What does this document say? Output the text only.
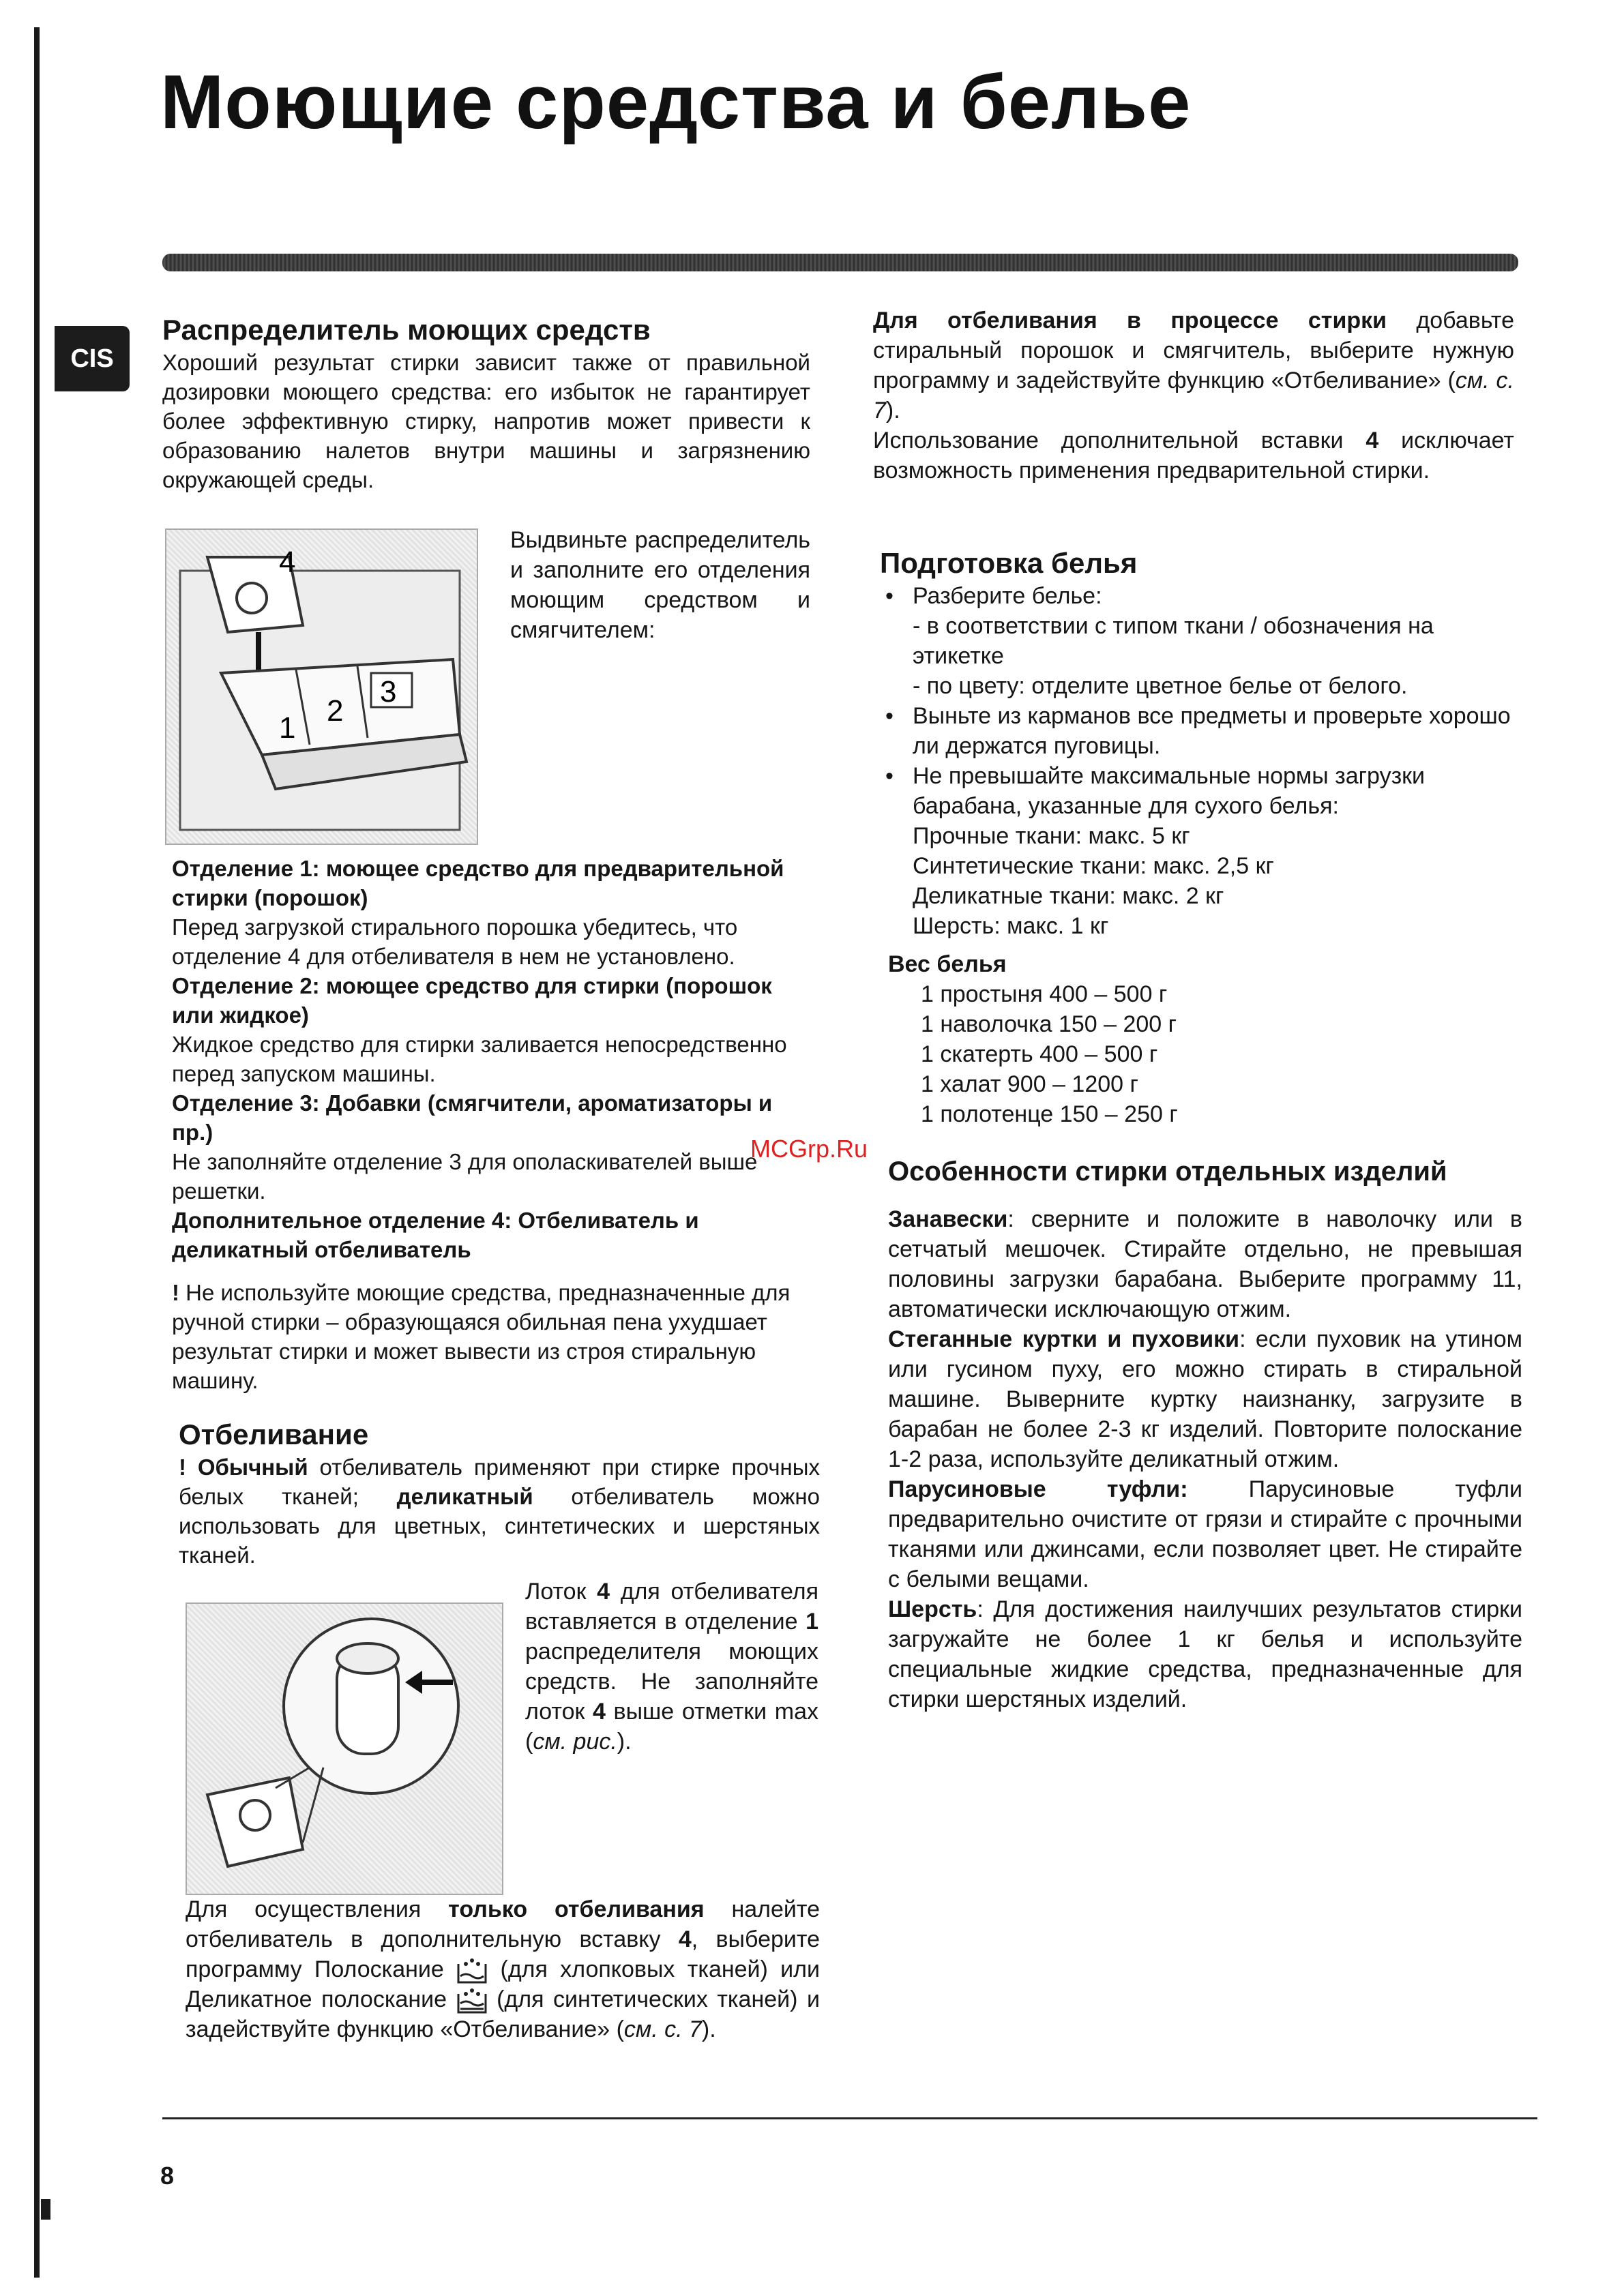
Моющие средства и белье
CIS
Распределитель моющих средств

Хороший результат стирки зависит также от правильной дозировки моющего средства: его избыток не гарантирует более эффективную стирку, напротив может привести к образованию налетов внутри машины и загрязнению окружающей среды.

4
1
2
3
Выдвиньте распределитель и заполните его отделения моющим средством и смягчителем:

Отделение 1: моющее средство для предварительной стирки (порошок)

Перед загрузкой стирального порошка убедитесь, что отделение 4 для отбеливателя в нем не установлено.

Отделение 2: моющее средство для стирки (порошок или жидкое)

Жидкое средство для стирки заливается непосредственно перед запуском машины.

Отделение 3: Добавки (смягчители, ароматизаторы и пр.)

Не заполняйте отделение 3 для ополаскивателей выше решетки.

Дополнительное отделение 4: Отбеливатель и деликатный отбеливатель

! Не используйте моющие средства, предназначенные для ручной стирки – образующаяся обильная пена ухудшает результат стирки и может вывести из строя стиральную машину.

Отбеливание

! Обычный отбеливатель применяют при стирке прочных белых тканей; деликатный отбеливатель можно использовать для цветных, синтетических и шерстяных тканей.

Лоток 4 для отбеливателя вставляется в отделение 1 распределителя моющих средств. Не заполняйте лоток 4 выше отметки max (см. рис.).
Для осуществления только отбеливания налейте отбеливатель в дополнительную вставку 4, выберите программу Полоскание  (для хлопковых тканей) или Деликатное полоскание  (для синтетических тканей) и задействуйте функцию «Отбеливание» (см. с. 7).

Для отбеливания в процессе стирки добавьте стиральный порошок и смягчитель, выберите нужную программу и задействуйте функцию «Отбеливание» (см. с. 7).

Использование дополнительной вставки 4 исключает возможность применения предварительной стирки.

Подготовка белья
• Разберите белье:
- в соответствии с типом ткани / обозначения на этикетке
- по цвету: отделите цветное белье от белого.
• Выньте из карманов все предметы и проверьте хорошо ли держатся пуговицы.
• Не превышайте максимальные нормы загрузки барабана, указанные для сухого белья:
Прочные ткани: макс. 5 кг
Синтетические ткани: макс. 2,5 кг
Деликатные ткани: макс. 2 кг
Шерсть: макс. 1 кг

Вес белья

1 простыня 400 – 500 г
1 наволочка 150 – 200 г
1 скатерть 400 – 500 г
1 халат 900 – 1200 г
1 полотенце 150 – 250 г
MCGrp.Ru
Особенности стирки отдельных изделий

Занавески: сверните и положите в наволочку или в сетчатый мешочек. Стирайте отдельно, не превышая половины загрузки барабана. Выберите программу 11, автоматически исключающую отжим.

Стеганные куртки и пуховики: если пуховик на утином или гусином пуху, его можно стирать в стиральной машине. Выверните куртку наизнанку, загрузите в барабан не более 2-3 кг изделий. Повторите полоскание 1-2 раза, используйте деликатный отжим.

Парусиновые туфли: Парусиновые туфли предварительно очистите от грязи и стирайте с прочными тканями или джинсами, если позволяет цвет. Не стирайте с белыми вещами.

Шерсть: Для достижения наилучших результатов стирки загружайте не более 1 кг белья и используйте специальные жидкие средства, предназначенные для стирки шерстяных изделий.

8
